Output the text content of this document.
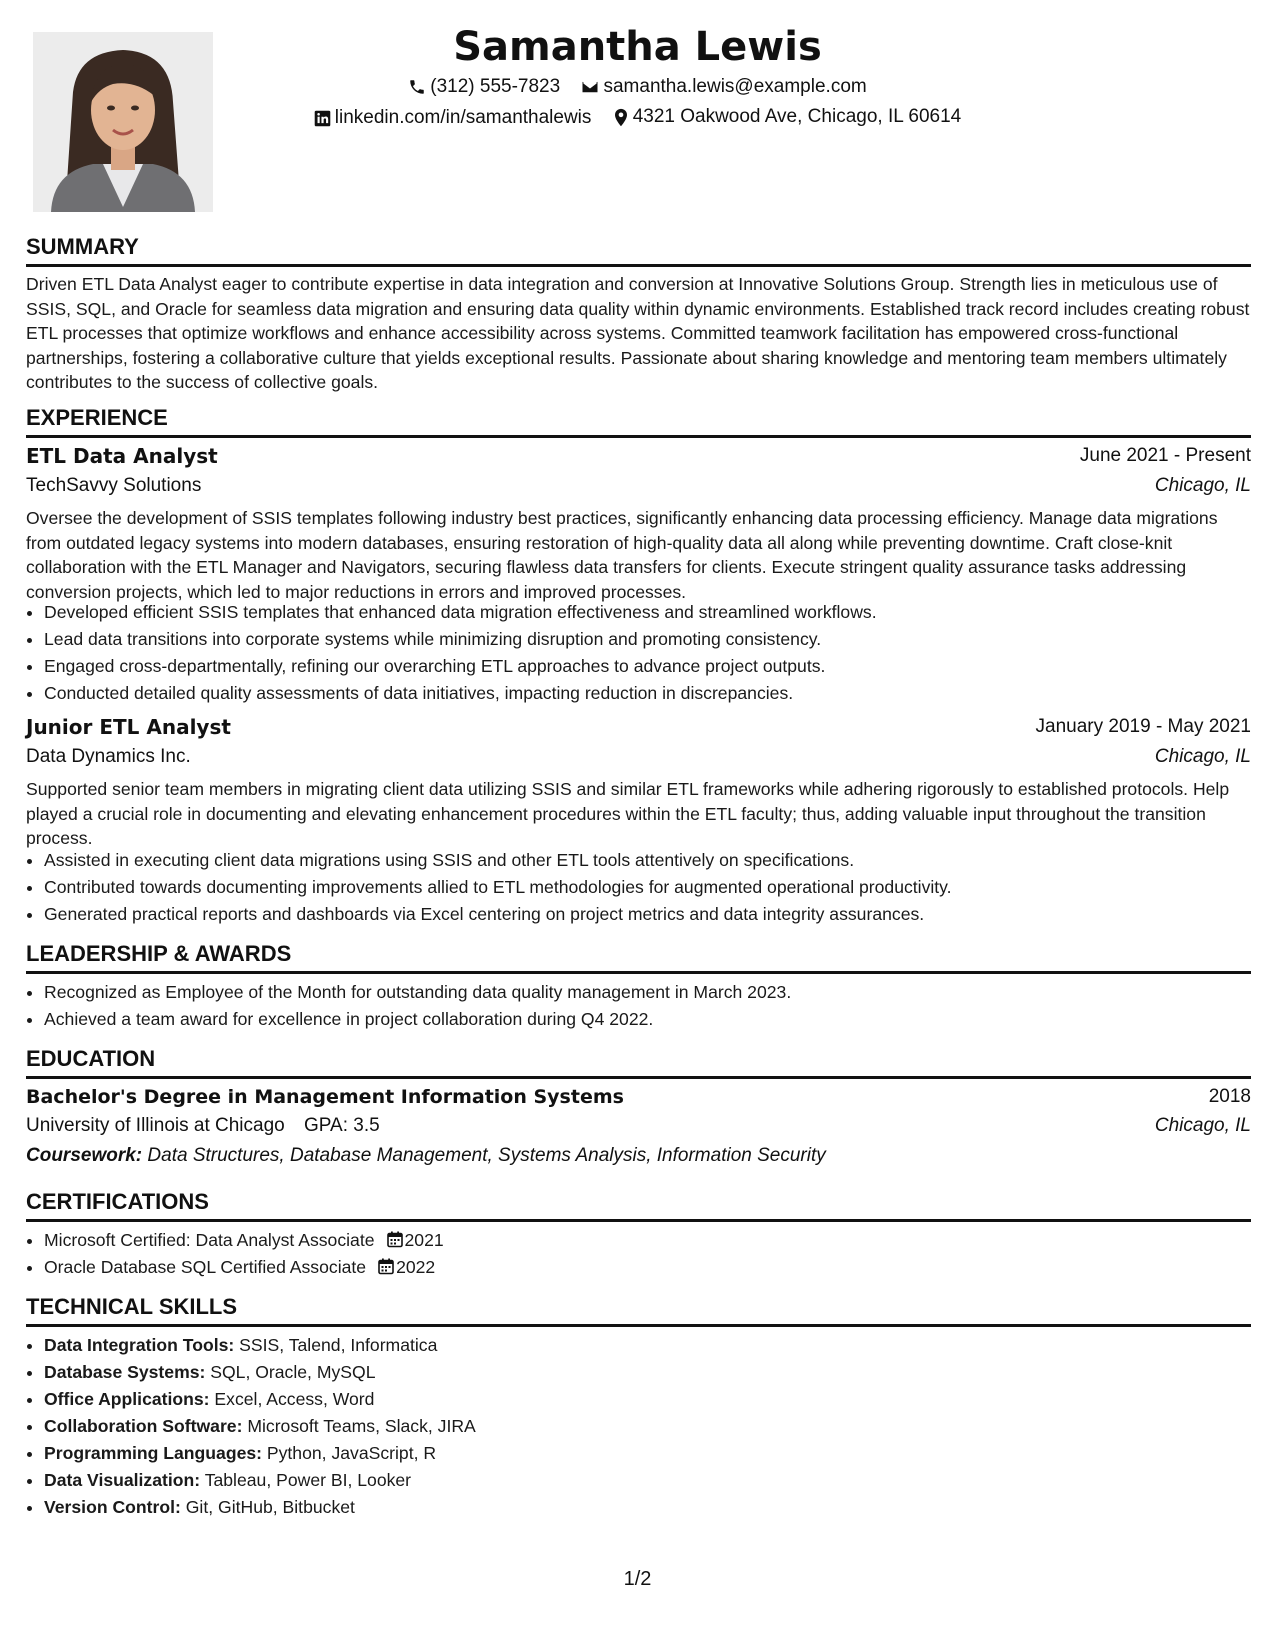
Samantha Lewis
(312) 555-7823
samantha.lewis@example.com
linkedin.com/in/samanthalewis
4321 Oakwood Ave, Chicago, IL 60614
SUMMARY
Driven ETL Data Analyst eager to contribute expertise in data integration and conversion at Innovative Solutions Group. Strength lies in meticulous use of SSIS, SQL, and Oracle for seamless data migration and ensuring data quality within dynamic environments. Established track record includes creating robust ETL processes that optimize workflows and enhance accessibility across systems. Committed teamwork facilitation has empowered cross-functional partnerships, fostering a collaborative culture that yields exceptional results. Passionate about sharing knowledge and mentoring team members ultimately contributes to the success of collective goals.
EXPERIENCE
ETL Data Analyst	June 2021 - Present
TechSavvy Solutions	Chicago, IL
Oversee the development of SSIS templates following industry best practices, significantly enhancing data processing efficiency. Manage data migrations from outdated legacy systems into modern databases, ensuring restoration of high-quality data all along while preventing downtime. Craft close-knit collaboration with the ETL Manager and Navigators, securing flawless data transfers for clients. Execute stringent quality assurance tasks addressing conversion projects, which led to major reductions in errors and improved processes.
• Developed efficient SSIS templates that enhanced data migration effectiveness and streamlined workflows.
• Lead data transitions into corporate systems while minimizing disruption and promoting consistency.
• Engaged cross-departmentally, refining our overarching ETL approaches to advance project outputs.
• Conducted detailed quality assessments of data initiatives, impacting reduction in discrepancies.
Junior ETL Analyst	January 2019 - May 2021
Data Dynamics Inc.	Chicago, IL
Supported senior team members in migrating client data utilizing SSIS and similar ETL frameworks while adhering rigorously to established protocols. Help played a crucial role in documenting and elevating enhancement procedures within the ETL faculty; thus, adding valuable input throughout the transition process.
• Assisted in executing client data migrations using SSIS and other ETL tools attentively on specifications.
• Contributed towards documenting improvements allied to ETL methodologies for augmented operational productivity.
• Generated practical reports and dashboards via Excel centering on project metrics and data integrity assurances.
LEADERSHIP & AWARDS
• Recognized as Employee of the Month for outstanding data quality management in March 2023.
• Achieved a team award for excellence in project collaboration during Q4 2022.
EDUCATION
Bachelor's Degree in Management Information Systems	2018
University of Illinois at Chicago GPA: 3.5	Chicago, IL
Coursework: Data Structures, Database Management, Systems Analysis, Information Security
CERTIFICATIONS
• Microsoft Certified: Data Analyst Associate 2021
• Oracle Database SQL Certified Associate 2022
TECHNICAL SKILLS
• Data Integration Tools: SSIS, Talend, Informatica
• Database Systems: SQL, Oracle, MySQL
• Office Applications: Excel, Access, Word
• Collaboration Software: Microsoft Teams, Slack, JIRA
• Programming Languages: Python, JavaScript, R
• Data Visualization: Tableau, Power BI, Looker
• Version Control: Git, GitHub, Bitbucket
1/2
